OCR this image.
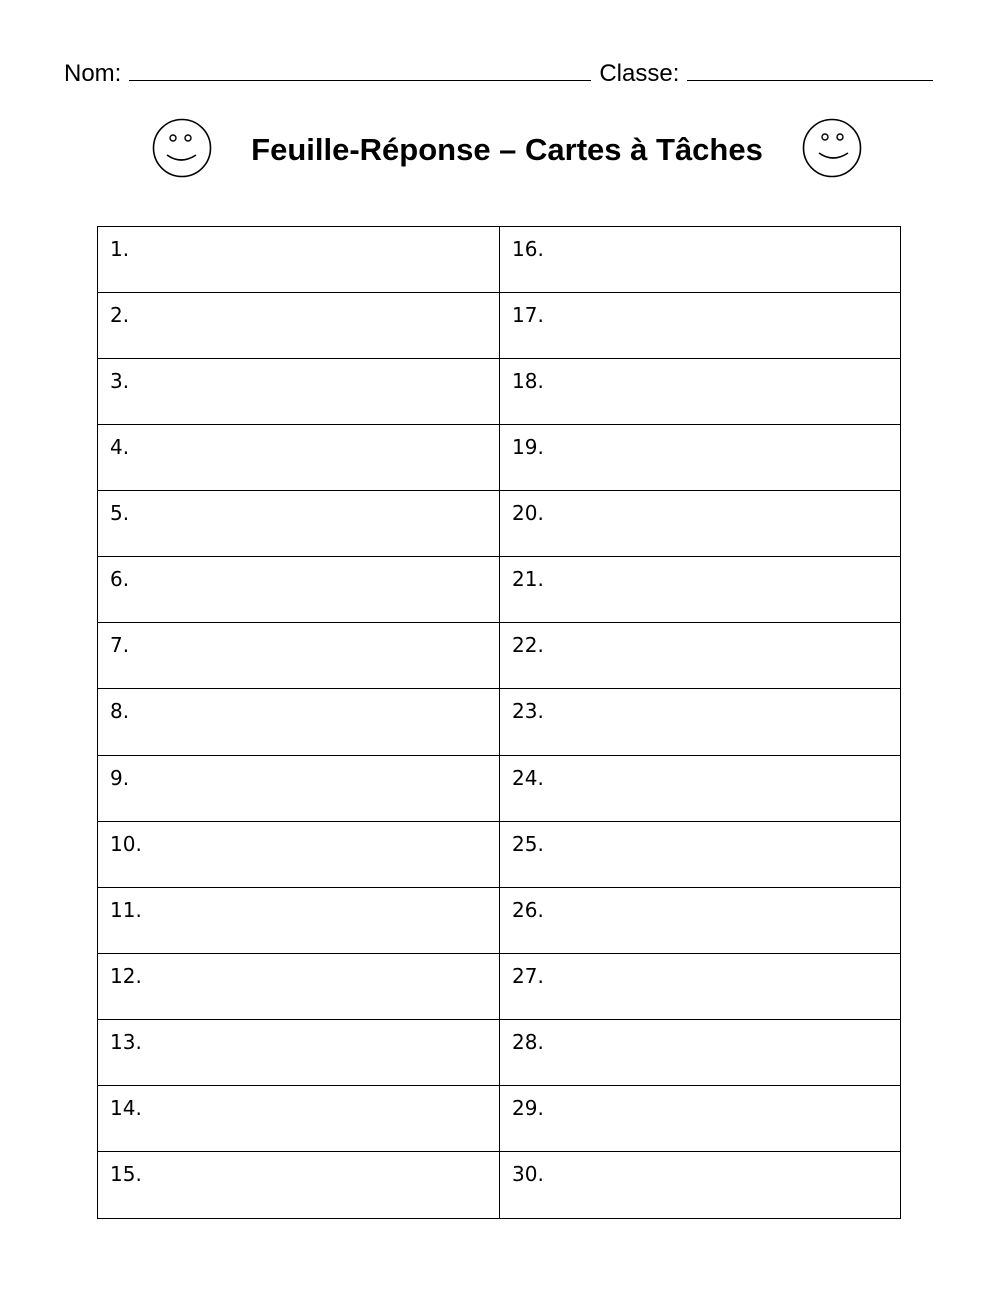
Nom:	Classe:
Feuille-Réponse – Cartes à Tâches
1.
2.
3.
4.
5.
6.
7.
8.
9.
10.
11.
12.
13.
14.
15.
16.
17.
18.
19.
20.
21.
22.
23.
24.
25.
26.
27.
28.
29.
30.
